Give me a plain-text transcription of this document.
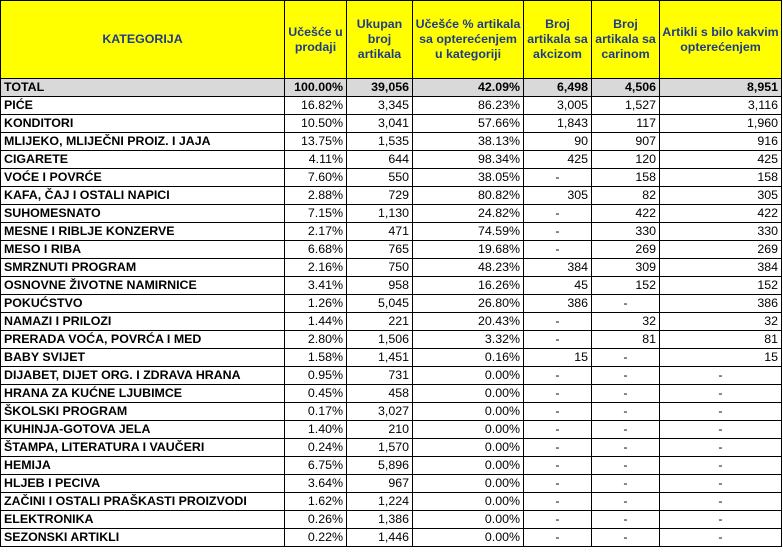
KATEGORIJA	Učešće u prodaji	Ukupan broj artikala	Učešće % artikala sa opterećenjem u kategoriji	Broj artikala sa akcizom	Broj artikala sa carinom	Artikli s bilo kakvim opterećenjem
TOTAL	100.00%	39,056	42.09%	6,498	4,506	8,951
PIĆE	16.82%	3,345	86.23%	3,005	1,527	3,116
KONDITORI	10.50%	3,041	57.66%	1,843	117	1,960
MLIJEKO, MLIJEČNI PROIZ. I JAJA	13.75%	1,535	38.13%	90	907	916
CIGARETE	4.11%	644	98.34%	425	120	425
VOĆE I POVRĆE	7.60%	550	38.05%	-	158	158
KAFA, ČAJ I OSTALI NAPICI	2.88%	729	80.82%	305	82	305
SUHOMESNATO	7.15%	1,130	24.82%	-	422	422
MESNE I RIBLJE KONZERVE	2.17%	471	74.59%	-	330	330
MESO I RIBA	6.68%	765	19.68%	-	269	269
SMRZNUTI PROGRAM	2.16%	750	48.23%	384	309	384
OSNOVNE ŽIVOTNE NAMIRNICE	3.41%	958	16.26%	45	152	152
POKUĆSTVO	1.26%	5,045	26.80%	386	-	386
NAMAZI I PRILOZI	1.44%	221	20.43%	-	32	32
PRERADA VOĆA, POVRĆA I MED	2.80%	1,506	3.32%	-	81	81
BABY SVIJET	1.58%	1,451	0.16%	15	-	15
DIJABET, DIJET ORG. I ZDRAVA HRANA	0.95%	731	0.00%	-	-	-
HRANA ZA KUĆNE LJUBIMCE	0.45%	458	0.00%	-	-	-
ŠKOLSKI PROGRAM	0.17%	3,027	0.00%	-	-	-
KUHINJA-GOTOVA JELA	1.40%	210	0.00%	-	-	-
ŠTAMPA, LITERATURA I VAUČERI	0.24%	1,570	0.00%	-	-	-
HEMIJA	6.75%	5,896	0.00%	-	-	-
HLJEB I PECIVA	3.64%	967	0.00%	-	-	-
ZAČINI I OSTALI PRAŠKASTI PROIZVODI	1.62%	1,224	0.00%	-	-	-
ELEKTRONIKA	0.26%	1,386	0.00%	-	-	-
SEZONSKI ARTIKLI	0.22%	1,446	0.00%	-	-	-
